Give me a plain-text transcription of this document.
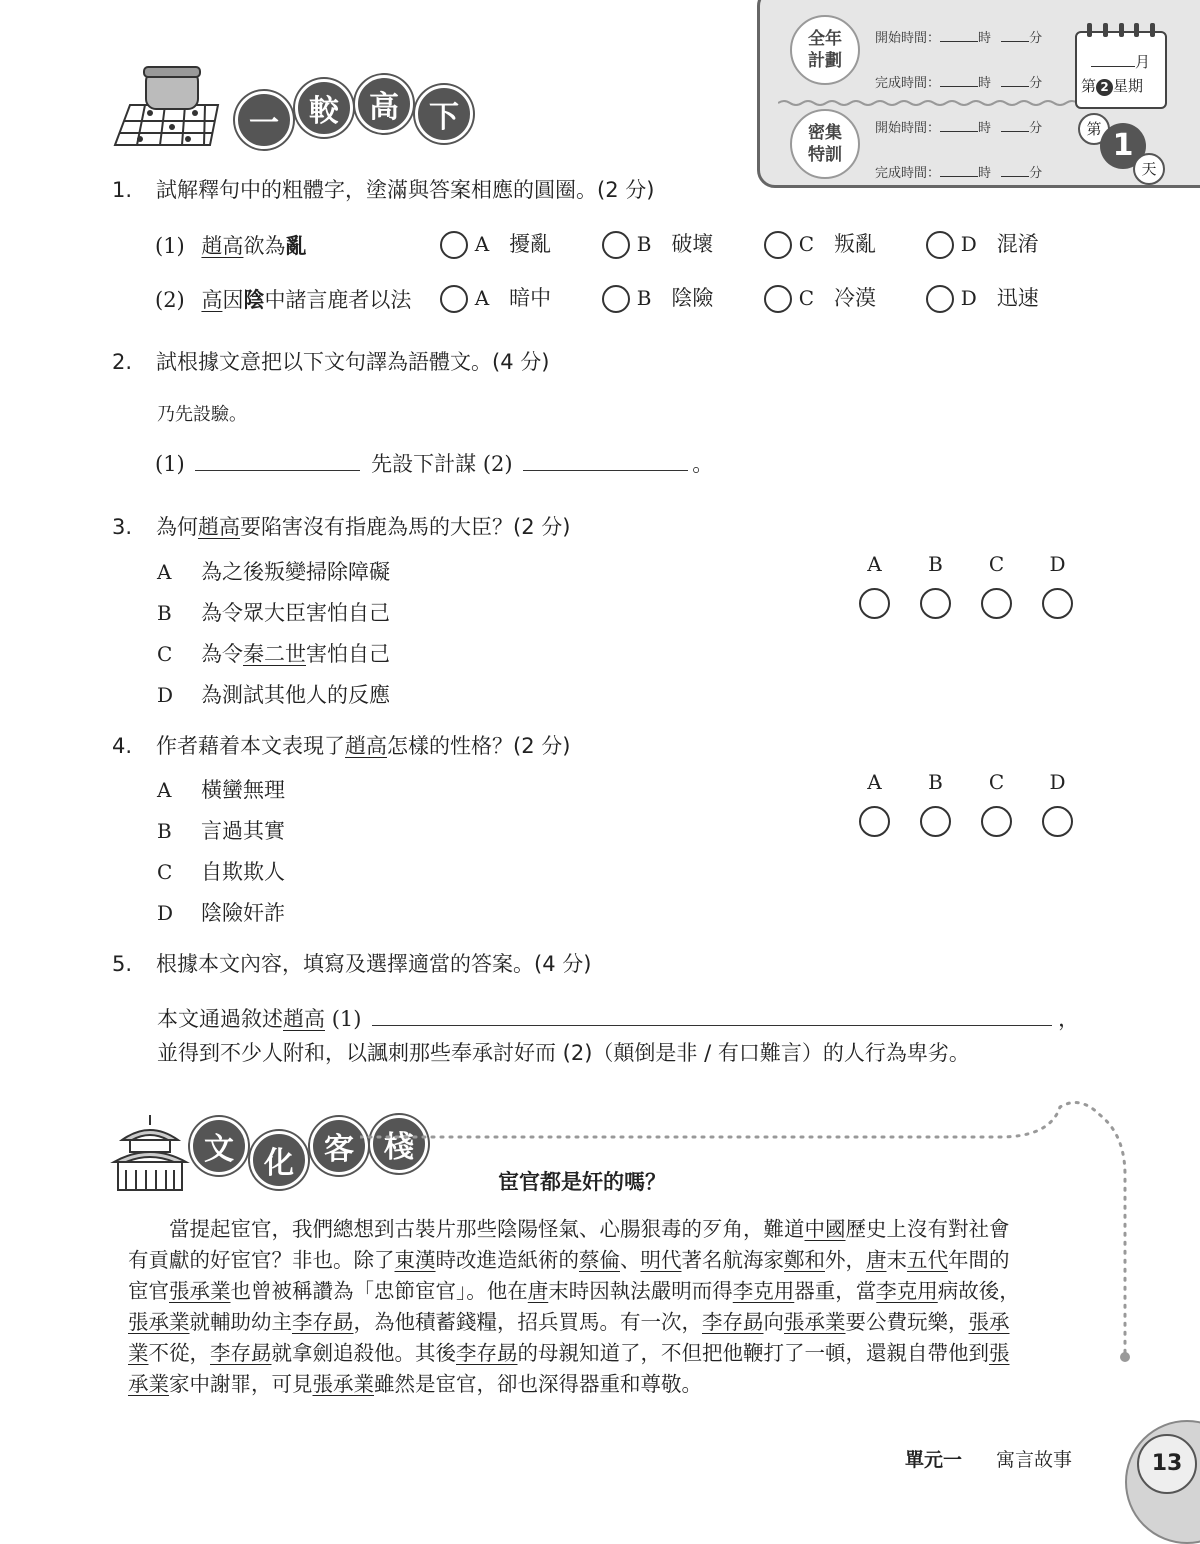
全年計劃
密集特訓
開始時間：	時	分
完成時間：	時	分
開始時間：	時	分
完成時間：	時	分
月
第 2 星期
第 1
天
一	較	高	下
1. 試解釋句中的粗體字，塗滿與答案相應的圓圈。(2 分)
(1) 趙高欲為亂	A 擾亂	B 破壞	C 叛亂	D 混淆
(2) 高因陰中諸言鹿者以法	A 暗中	B 陰險	C 冷漠	D 迅速
2. 試根據文意把以下文句譯為語體文。(4 分)
乃先設驗。
(1)	先設下計謀 (2)	。
3. 為何趙高要陷害沒有指鹿為馬的大臣？(2 分)
A 為之後叛變掃除障礙
B 為令眾大臣害怕自己
C 為令秦二世害怕自己
D 為測試其他人的反應
A	B	C	D
4. 作者藉着本文表現了趙高怎樣的性格？(2 分)
A 橫蠻無理
B 言過其實
C 自欺欺人
D 陰險奸詐
A	B	C	D
5. 根據本文內容，填寫及選擇適當的答案。(4 分)
本文通過敘述趙高 (1)	，
並得到不少人附和，以諷刺那些奉承討好而 (2)（顛倒是非 / 有口難言）的人行為卑劣。
文	化	客	棧
宦官都是奸的嗎？

　　當提起宦官，我們總想到古裝片那些陰陽怪氣、心腸狠毒的歹角，難道中國歷史上沒有對社會

有貢獻的好宦官？非也。除了東漢時改進造紙術的蔡倫、明代著名航海家鄭和外，唐末五代年間的

宦官張承業也曾被稱讚為「忠節宦官」。他在唐末時因執法嚴明而得李克用器重，當李克用病故後，

張承業就輔助幼主李存勗，為他積蓄錢糧，招兵買馬。有一次，李存勗向張承業要公費玩樂，張承

業不從，李存勗就拿劍追殺他。其後李存勗的母親知道了，不但把他鞭打了一頓，還親自帶他到張

承業家中謝罪，可見張承業雖然是宦官，卻也深得器重和尊敬。

單元一 寓言故事	13
